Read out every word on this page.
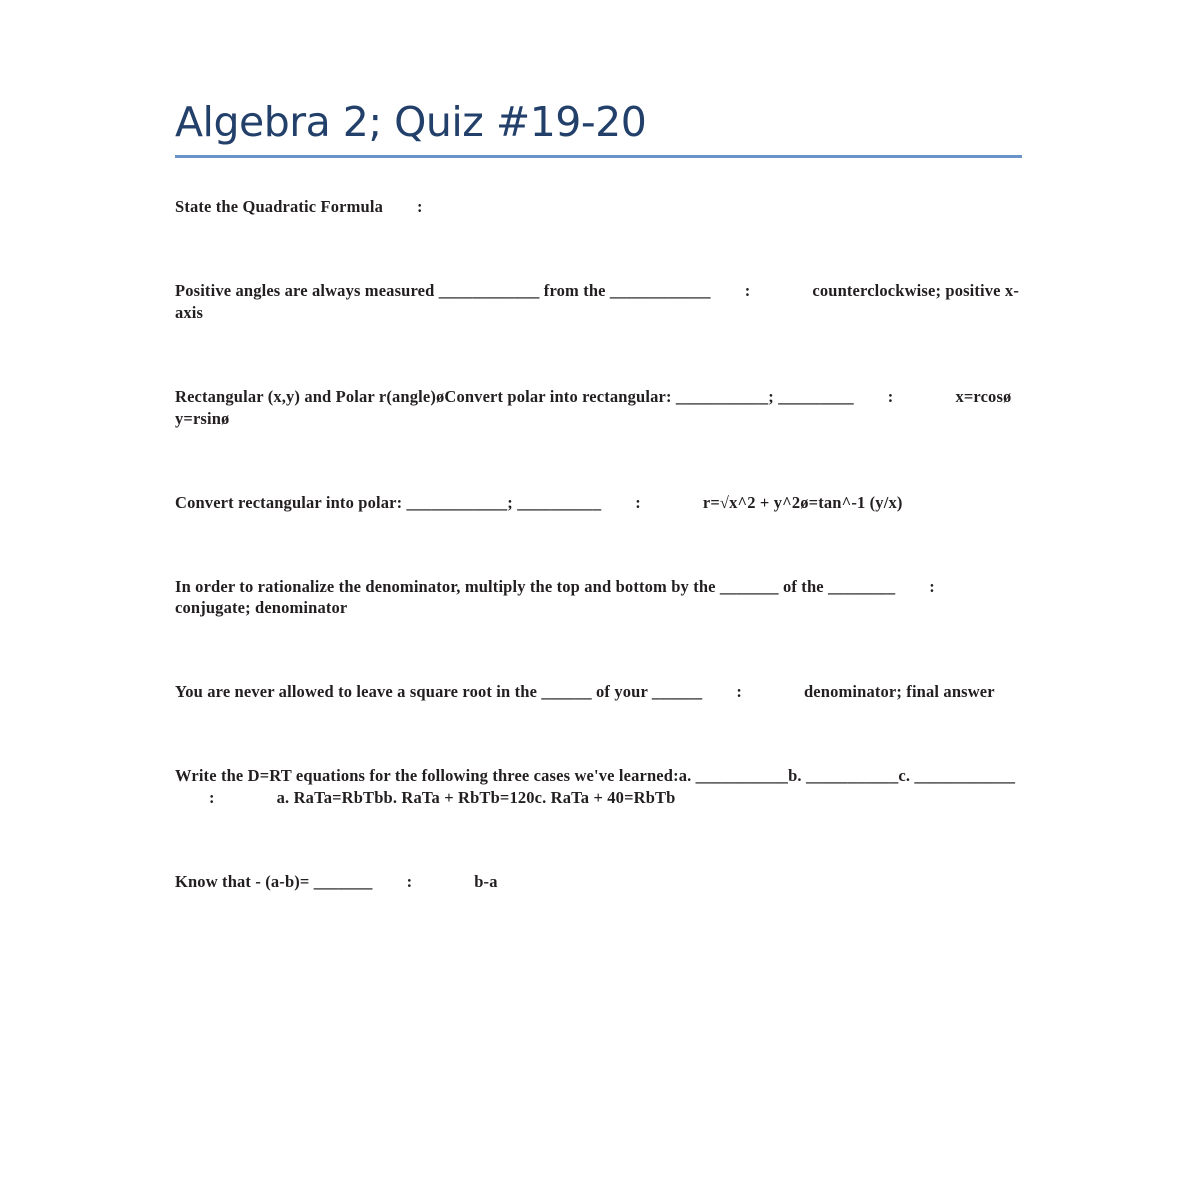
Algebra 2; Quiz #19-20
State the Quadratic Formula :
Positive angles are always measured ____________ from the ____________ :	counterclockwise; positive x-axis
Rectangular (x,y) and Polar r(angle)øConvert polar into rectangular: ___________; _________ :	x=rcosø y=rsinø
Convert rectangular into polar: ____________; __________ :	r=√x^2 + y^2ø=tan^-1 (y/x)
In order to rationalize the denominator, multiply the top and bottom by the _______ of the ________ :conjugate; denominator
You are never allowed to leave a square root in the ______ of your ______ :	denominator; final answer
Write the D=RT equations for the following three cases we've learned:a. ___________b. ___________c. ____________:	a. RaTa=RbTbb. RaTa + RbTb=120c. RaTa + 40=RbTb
Know that - (a-b)= _______ :	b-a
